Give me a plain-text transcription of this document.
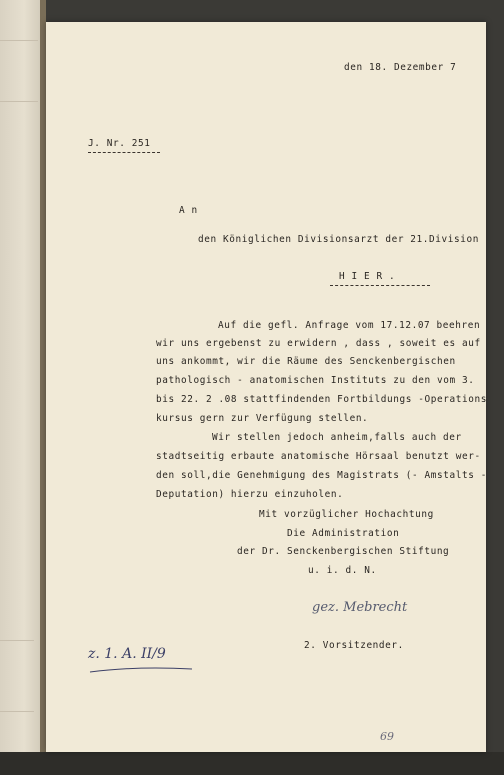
den 18. Dezember 7
J. Nr. 251
A n
den Königlichen Divisionsarzt der 21.Division
H I E R .
Auf die gefl. Anfrage vom 17.12.07 beehren
wir uns ergebenst zu erwidern , dass , soweit es auf
uns ankommt, wir die Räume des Senckenbergischen
pathologisch - anatomischen Instituts zu den vom 3.
bis 22. 2 .08 stattfindenden Fortbildungs -Operations
kursus gern zur Verfügung stellen.
Wir stellen jedoch anheim,falls auch der
stadtseitig erbaute anatomische Hörsaal benutzt wer-
den soll,die Genehmigung des Magistrats (- Amstalts -
Deputation) hierzu einzuholen.
Mit vorzüglicher Hochachtung
Die Administration
der Dr. Senckenbergischen Stiftung
u. i. d. N.
gez. Mebrecht
2. Vorsitzender.
z. 1. A. II/9
69
